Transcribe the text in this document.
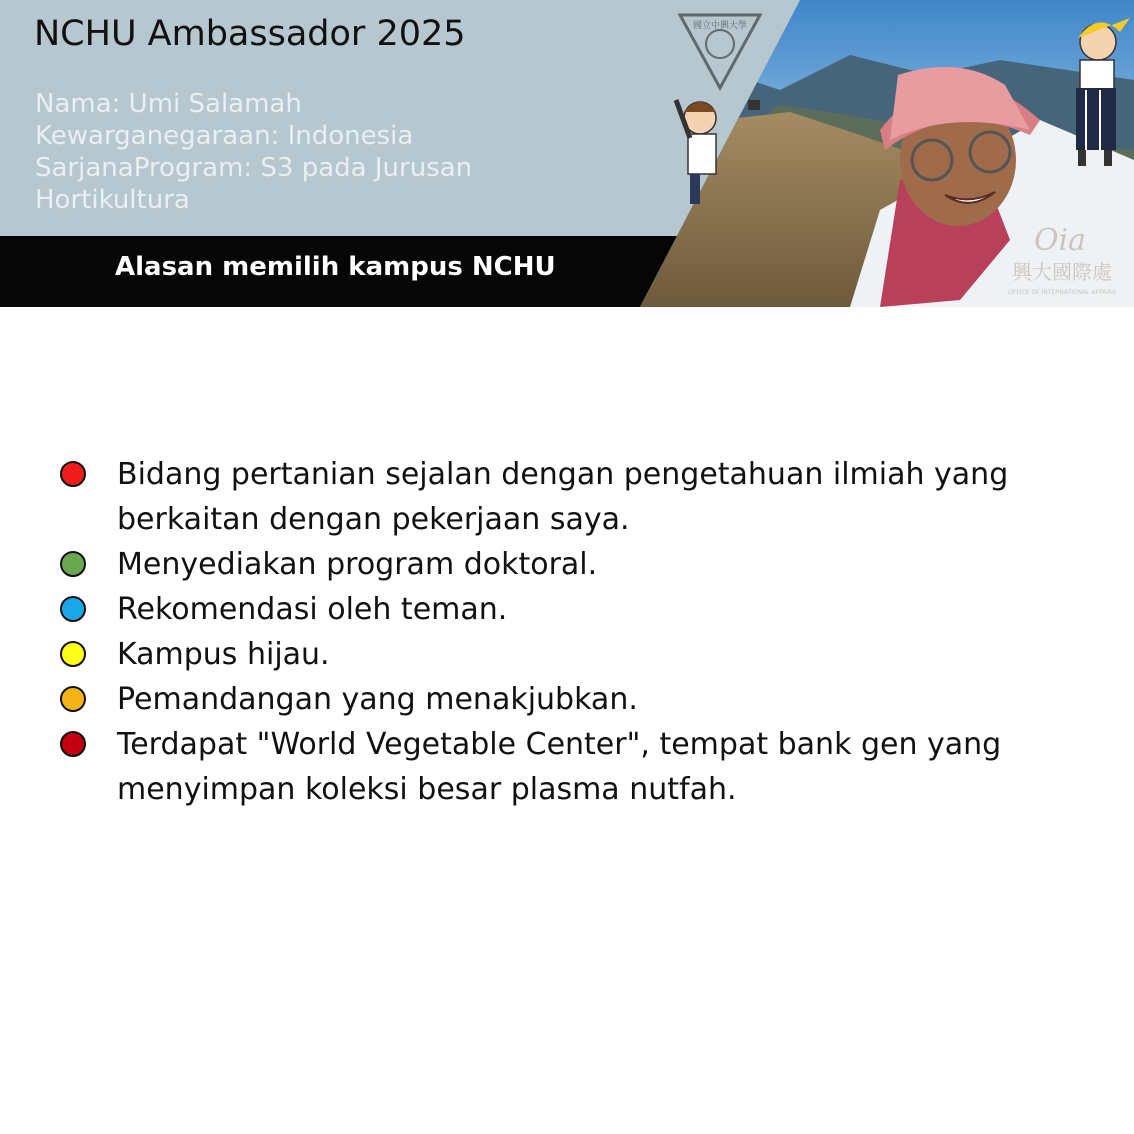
國立中興大學
Oia
興大國際處
OFFICE OF INTERNATIONAL AFFAIRS
NCHU Ambassador 2025
Nama: Umi Salamah
Kewarganegaraan: Indonesia
SarjanaProgram: S3 pada Jurusan
Hortikultura
Alasan memilih kampus NCHU
Bidang pertanian sejalan dengan pengetahuan ilmiah yang berkaitan dengan pekerjaan saya.
Menyediakan program doktoral.
Rekomendasi oleh teman.
Kampus hijau.
Pemandangan yang menakjubkan.
Terdapat "World Vegetable Center", tempat bank gen yang menyimpan koleksi besar plasma nutfah.
